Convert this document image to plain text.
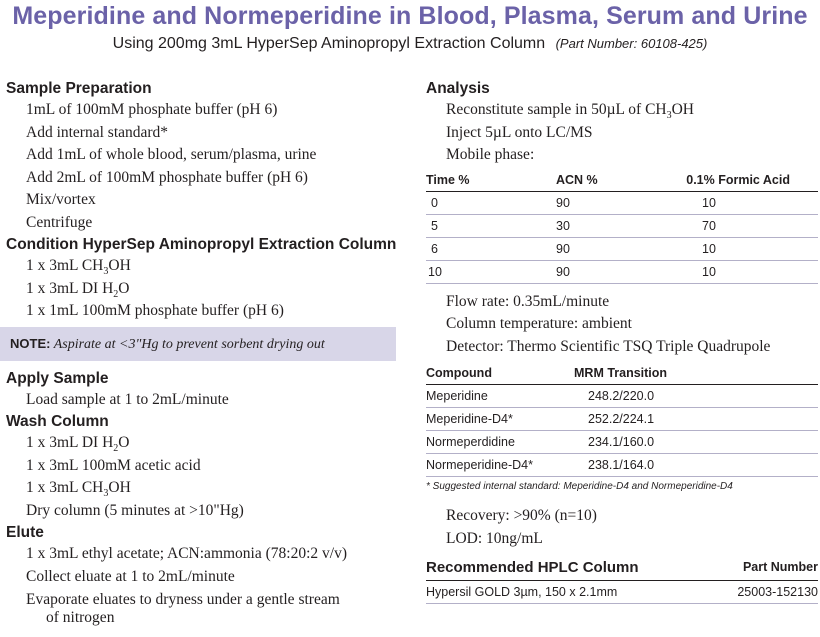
Meperidine and Normeperidine in Blood, Plasma, Serum and Urine
Using 200mg 3mL HyperSep Aminopropyl Extraction Column (Part Number: 60108-425)
Sample Preparation
1mL of 100mM phosphate buffer (pH 6)
Add internal standard*
Add 1mL of whole blood, serum/plasma, urine
Add 2mL of 100mM phosphate buffer (pH 6)
Mix/vortex
Centrifuge
Condition HyperSep Aminopropyl Extraction Column
1 x 3mL $CH_3OH$
1 x 3mL DI $H_2O$
1 x 1mL 100mM phosphate buffer (pH 6)
NOTE: Aspirate at <3"Hg to prevent sorbent drying out
Apply Sample
Load sample at 1 to 2mL/minute
Wash Column
1 x 3mL DI $H_2O$
1 x 3mL 100mM acetic acid
1 x 3mL $CH_3OH$
Dry column (5 minutes at >10"Hg)
Elute
1 x 3mL ethyl acetate; ACN:ammonia (78:20:2 v/v)
Collect eluate at 1 to 2mL/minute
Evaporate eluates to dryness under a gentle stream
of nitrogen
Analysis
Reconstitute sample in 50µL of $CH_3OH$
Inject 5µL onto LC/MS
Mobile phase:
Time %	ACN %	0.1% Formic Acid
0	90	10
5	30	70
6	90	10
10	90	10
Flow rate: 0.35mL/minute
Column temperature: ambient
Detector: Thermo Scientific TSQ Triple Quadrupole
Compound	MRM Transition
Meperidine	248.2/220.0
Meperidine-D4*	252.2/224.1
Normeperdidine	234.1/160.0
Normeperidine-D4*	238.1/164.0
* Suggested internal standard: Meperidine-D4 and Normeperidine-D4
Recovery: >90% (n=10)
LOD: 10ng/mL
Recommended HPLC Column	Part Number
Hypersil GOLD 3µm, 150 x 2.1mm	25003-152130
